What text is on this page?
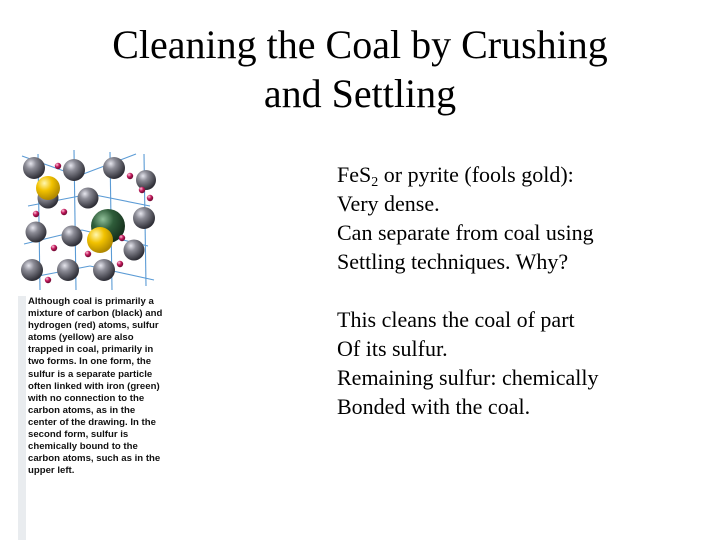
Cleaning the Coal by Crushing
and Settling
Although coal is primarily a mixture of carbon (black) and hydrogen (red) atoms, sulfur atoms (yellow) are also trapped in coal, primarily in two forms. In one form, the sulfur is a separate particle often linked with iron (green) with no connection to the carbon atoms, as in the center of the drawing. In the second form, sulfur is chemically bound to the carbon atoms, such as in the upper left.
FeS$_2$ or pyrite (fools gold):
Very dense.
Can separate from coal using
Settling techniques. Why?
This cleans the coal of part
Of its sulfur.
Remaining sulfur: chemically
Bonded with the coal.
